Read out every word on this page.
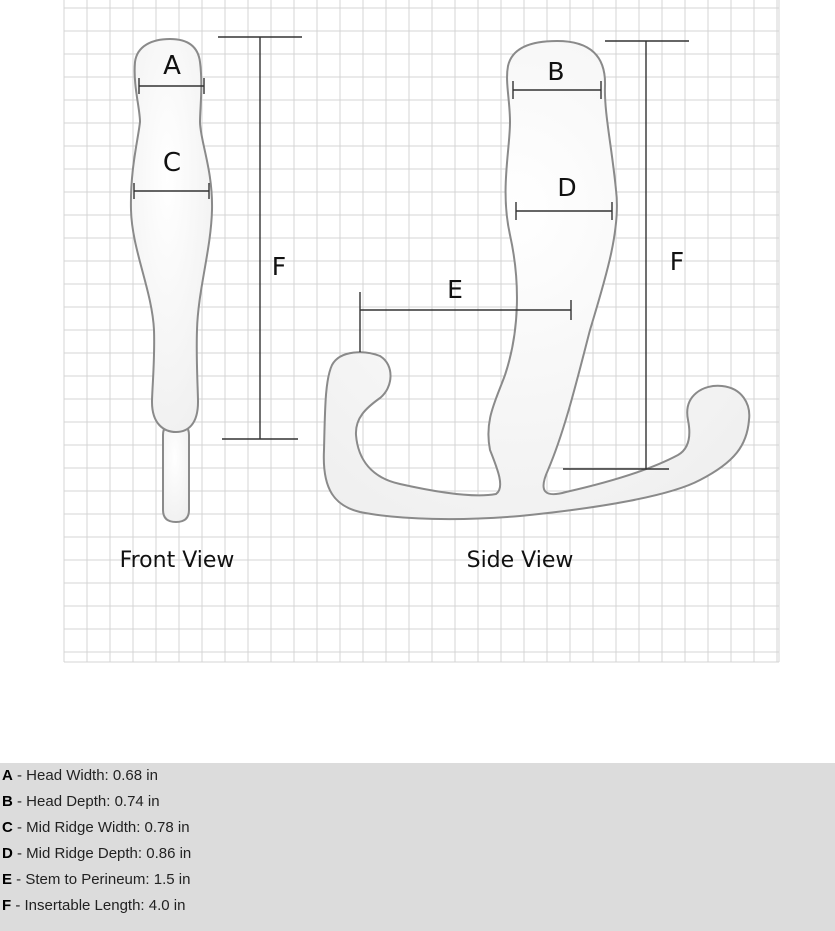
A
C
F
B
D
E
F
Front View	Side View
A - Head Width: 0.68 in
B - Head Depth: 0.74 in
C - Mid Ridge Width: 0.78 in
D - Mid Ridge Depth: 0.86 in
E - Stem to Perineum: 1.5 in
F - Insertable Length: 4.0 in
